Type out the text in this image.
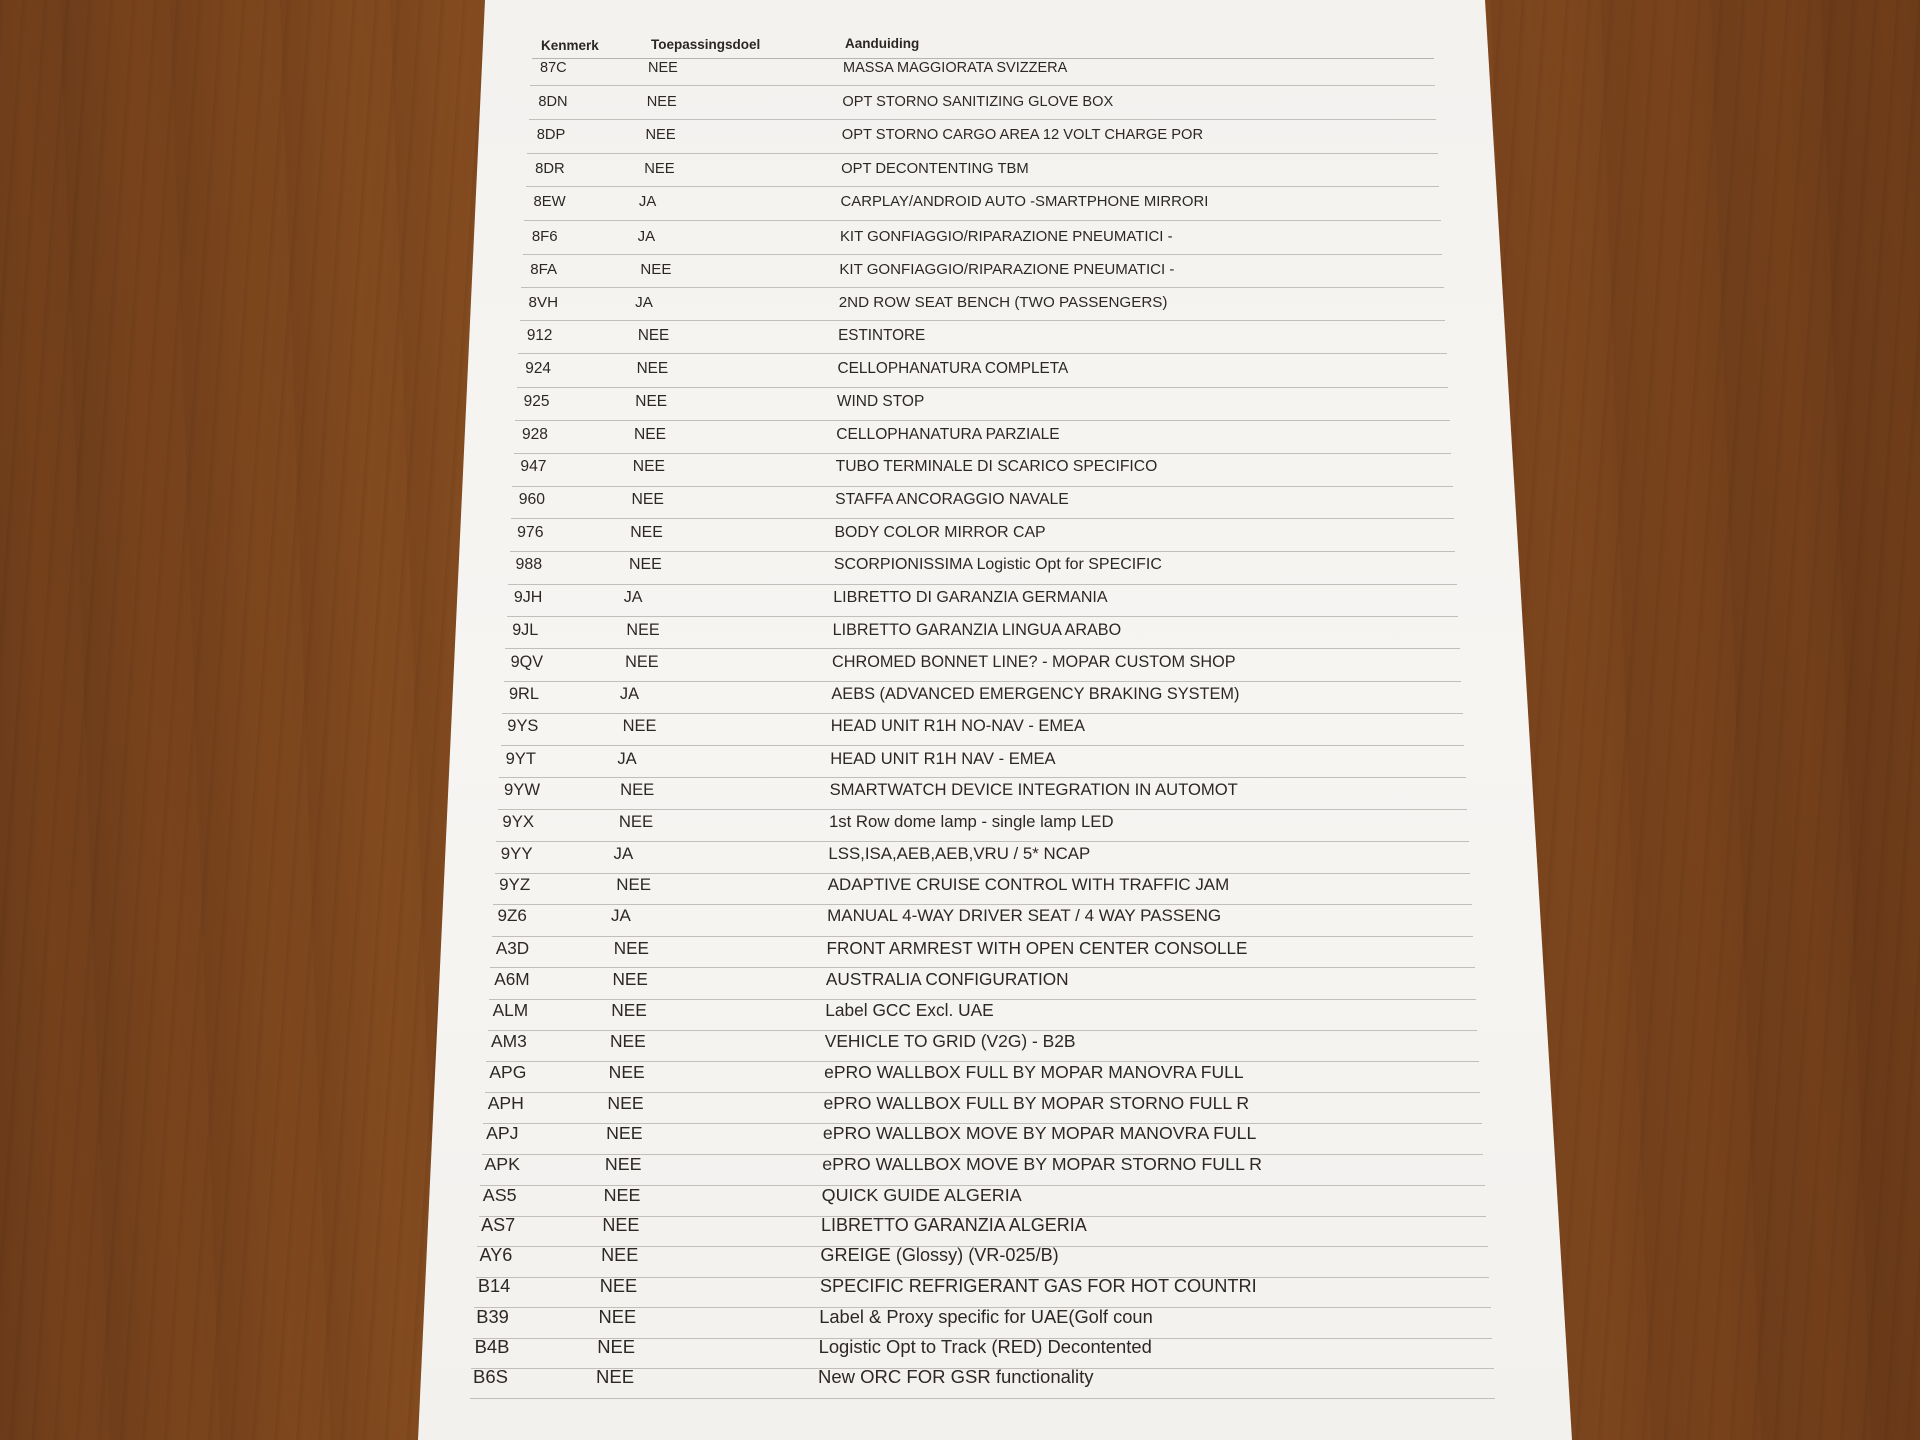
Kenmerk	Toepassingsdoel	Aanduiding
87C	NEE	MASSA MAGGIORATA SVIZZERA
8DN	NEE	OPT STORNO SANITIZING GLOVE BOX
8DP	NEE	OPT STORNO CARGO AREA 12 VOLT CHARGE POR
8DR	NEE	OPT DECONTENTING TBM
8EW	JA	CARPLAY/ANDROID AUTO -SMARTPHONE MIRRORI
8F6	JA	KIT GONFIAGGIO/RIPARAZIONE PNEUMATICI -
8FA	NEE	KIT GONFIAGGIO/RIPARAZIONE PNEUMATICI -
8VH	JA	2ND ROW SEAT BENCH (TWO PASSENGERS)
912	NEE	ESTINTORE
924	NEE	CELLOPHANATURA COMPLETA
925	NEE	WIND STOP
928	NEE	CELLOPHANATURA PARZIALE
947	NEE	TUBO TERMINALE DI SCARICO SPECIFICO
960	NEE	STAFFA ANCORAGGIO NAVALE
976	NEE	BODY COLOR MIRROR CAP
988	NEE	SCORPIONISSIMA Logistic Opt for SPECIFIC
9JH	JA	LIBRETTO DI GARANZIA GERMANIA
9JL	NEE	LIBRETTO GARANZIA LINGUA ARABO
9QV	NEE	CHROMED BONNET LINE? - MOPAR CUSTOM SHOP
9RL	JA	AEBS (ADVANCED EMERGENCY BRAKING SYSTEM)
9YS	NEE	HEAD UNIT R1H NO-NAV - EMEA
9YT	JA	HEAD UNIT R1H NAV - EMEA
9YW	NEE	SMARTWATCH DEVICE INTEGRATION IN AUTOMOT
9YX	NEE	1st Row dome lamp - single lamp LED
9YY	JA	LSS,ISA,AEB,AEB,VRU / 5* NCAP
9YZ	NEE	ADAPTIVE CRUISE CONTROL WITH TRAFFIC JAM
9Z6	JA	MANUAL 4-WAY DRIVER SEAT / 4 WAY PASSENG
A3D	NEE	FRONT ARMREST WITH OPEN CENTER CONSOLLE
A6M	NEE	AUSTRALIA CONFIGURATION
ALM	NEE	Label GCC Excl. UAE
AM3	NEE	VEHICLE TO GRID (V2G) - B2B
APG	NEE	ePRO WALLBOX FULL BY MOPAR MANOVRA FULL
APH	NEE	ePRO WALLBOX FULL BY MOPAR STORNO FULL R
APJ	NEE	ePRO WALLBOX MOVE BY MOPAR MANOVRA FULL
APK	NEE	ePRO WALLBOX MOVE BY MOPAR STORNO FULL R
AS5	NEE	QUICK GUIDE ALGERIA
AS7	NEE	LIBRETTO GARANZIA ALGERIA
AY6	NEE	GREIGE (Glossy) (VR-025/B)
B14	NEE	SPECIFIC REFRIGERANT GAS FOR HOT COUNTRI
B39	NEE	Label & Proxy specific for UAE(Golf coun
B4B	NEE	Logistic Opt to Track (RED) Decontented
B6S	NEE	New ORC FOR GSR functionality
